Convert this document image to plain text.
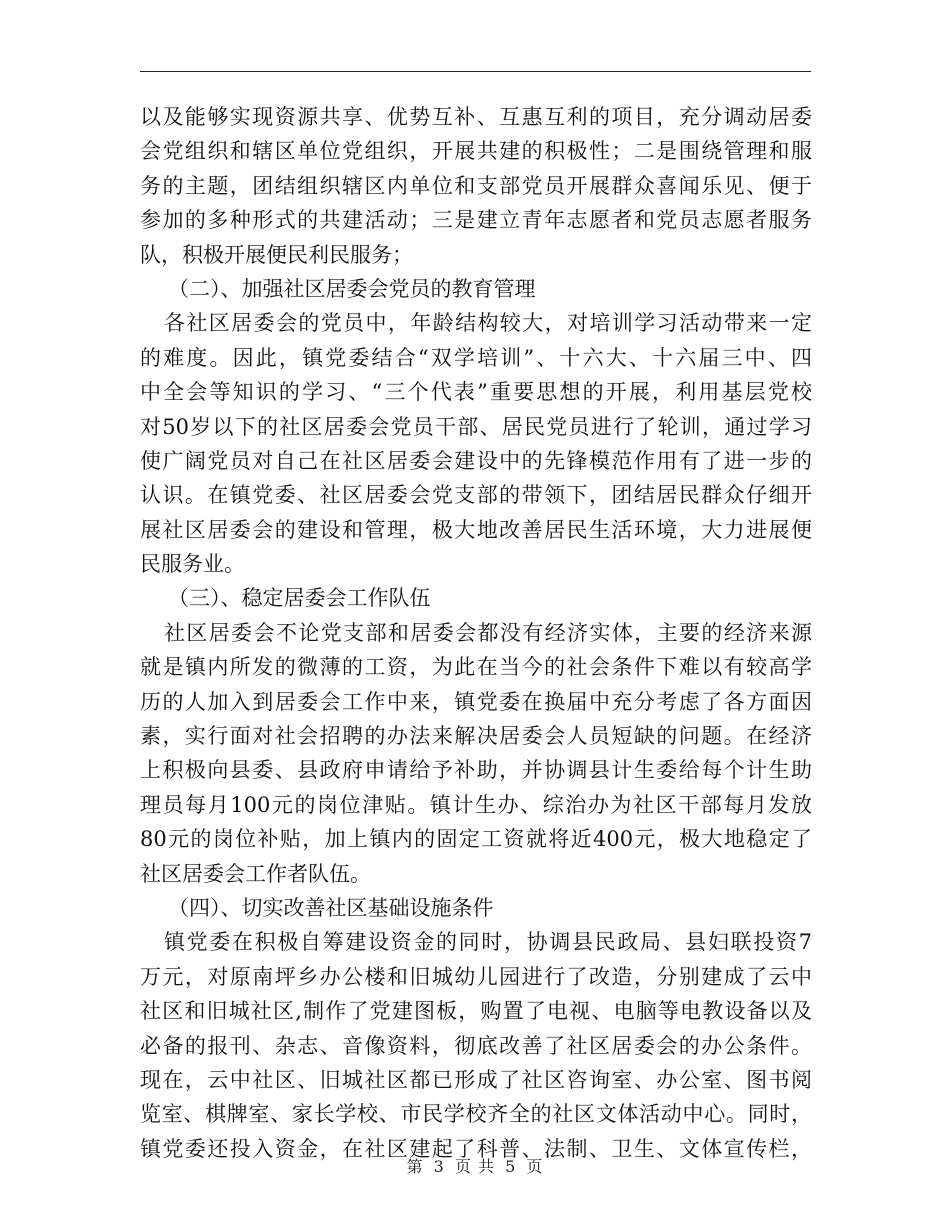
以及能够实现资源共享、优势互补、互惠互利的项目，充分调动居委
会党组织和辖区单位党组织，开展共建的积极性；二是围绕管理和服
务的主题，团结组织辖区内单位和支部党员开展群众喜闻乐见、便于
参加的多种形式的共建活动；三是建立青年志愿者和党员志愿者服务
队，积极开展便民利民服务；
（二）、加强社区居委会党员的教育管理
各社区居委会的党员中，年龄结构较大，对培训学习活动带来一定
的难度。因此，镇党委结合“双学培训”、十六大、十六届三中、四
中全会等知识的学习、“三个代表”重要思想的开展，利用基层党校
对50岁以下的社区居委会党员干部、居民党员进行了轮训，通过学习
使广阔党员对自己在社区居委会建设中的先锋模范作用有了进一步的
认识。在镇党委、社区居委会党支部的带领下，团结居民群众仔细开
展社区居委会的建设和管理，极大地改善居民生活环境，大力进展便
民服务业。
（三）、稳定居委会工作队伍
社区居委会不论党支部和居委会都没有经济实体，主要的经济来源
就是镇内所发的微薄的工资，为此在当今的社会条件下难以有较高学
历的人加入到居委会工作中来，镇党委在换届中充分考虑了各方面因
素，实行面对社会招聘的办法来解决居委会人员短缺的问题。在经济
上积极向县委、县政府申请给予补助，并协调县计生委给每个计生助
理员每月100元的岗位津贴。镇计生办、综治办为社区干部每月发放
80元的岗位补贴，加上镇内的固定工资就将近400元，极大地稳定了
社区居委会工作者队伍。
（四）、切实改善社区基础设施条件
镇党委在积极自筹建设资金的同时，协调县民政局、县妇联投资7
万元，对原南坪乡办公楼和旧城幼儿园进行了改造，分别建成了云中
社区和旧城社区,制作了党建图板，购置了电视、电脑等电教设备以及
必备的报刊、杂志、音像资料，彻底改善了社区居委会的办公条件。
现在，云中社区、旧城社区都已形成了社区咨询室、办公室、图书阅
览室、棋牌室、家长学校、市民学校齐全的社区文体活动中心。同时，
镇党委还投入资金，在社区建起了科普、法制、卫生、文体宣传栏，
第 3 页 共 5 页
